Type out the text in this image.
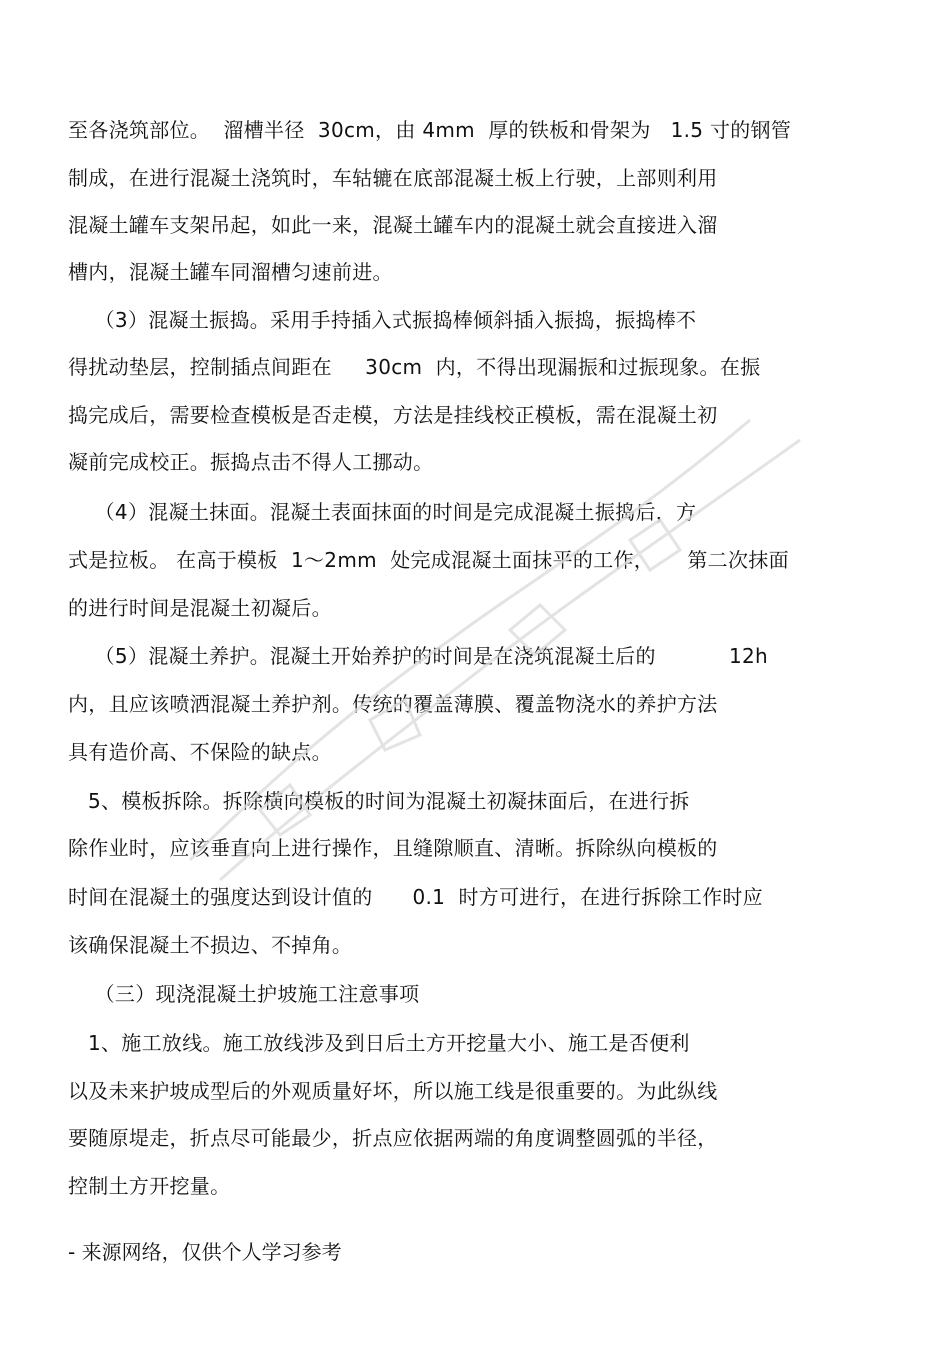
至各浇筑部位。  溜槽半径  30cm，由 4mm  厚的铁板和骨架为   1.5 寸的钢管
制成，在进行混凝土浇筑时，车轱辘在底部混凝土板上行驶，上部则利用
混凝土罐车支架吊起，如此一来，混凝土罐车内的混凝土就会直接进入溜
槽内，混凝土罐车同溜槽匀速前进。
（3）混凝土振捣。采用手持插入式振捣棒倾斜插入振捣，振捣棒不
得扰动垫层，控制插点间距在     30cm  内，不得出现漏振和过振现象。在振
捣完成后，需要检查模板是否走模，方法是挂线校正模板，需在混凝土初
凝前完成校正。振捣点击不得人工挪动。
（4）混凝土抹面。混凝土表面抹面的时间是完成混凝土振捣后，方
式是拉板。 在高于模板  1～2mm  处完成混凝土面抹平的工作，     第二次抹面
的进行时间是混凝土初凝后。
（5）混凝土养护。混凝土开始养护的时间是在浇筑混凝土后的           12h
内，且应该喷洒混凝土养护剂。传统的覆盖薄膜、覆盖物浇水的养护方法
具有造价高、不保险的缺点。
5、模板拆除。拆除横向模板的时间为混凝土初凝抹面后，在进行拆
除作业时，应该垂直向上进行操作，且缝隙顺直、清晰。拆除纵向模板的
时间在混凝土的强度达到设计值的      0.1  时方可进行，在进行拆除工作时应
该确保混凝土不损边、不掉角。
（三）现浇混凝土护坡施工注意事项
1、施工放线。施工放线涉及到日后土方开挖量大小、施工是否便利
以及未来护坡成型后的外观质量好坏，所以施工线是很重要的。为此纵线
要随原堤走，折点尽可能最少，折点应依据两端的角度调整圆弧的半径，
控制土方开挖量。
- 来源网络，仅供个人学习参考
